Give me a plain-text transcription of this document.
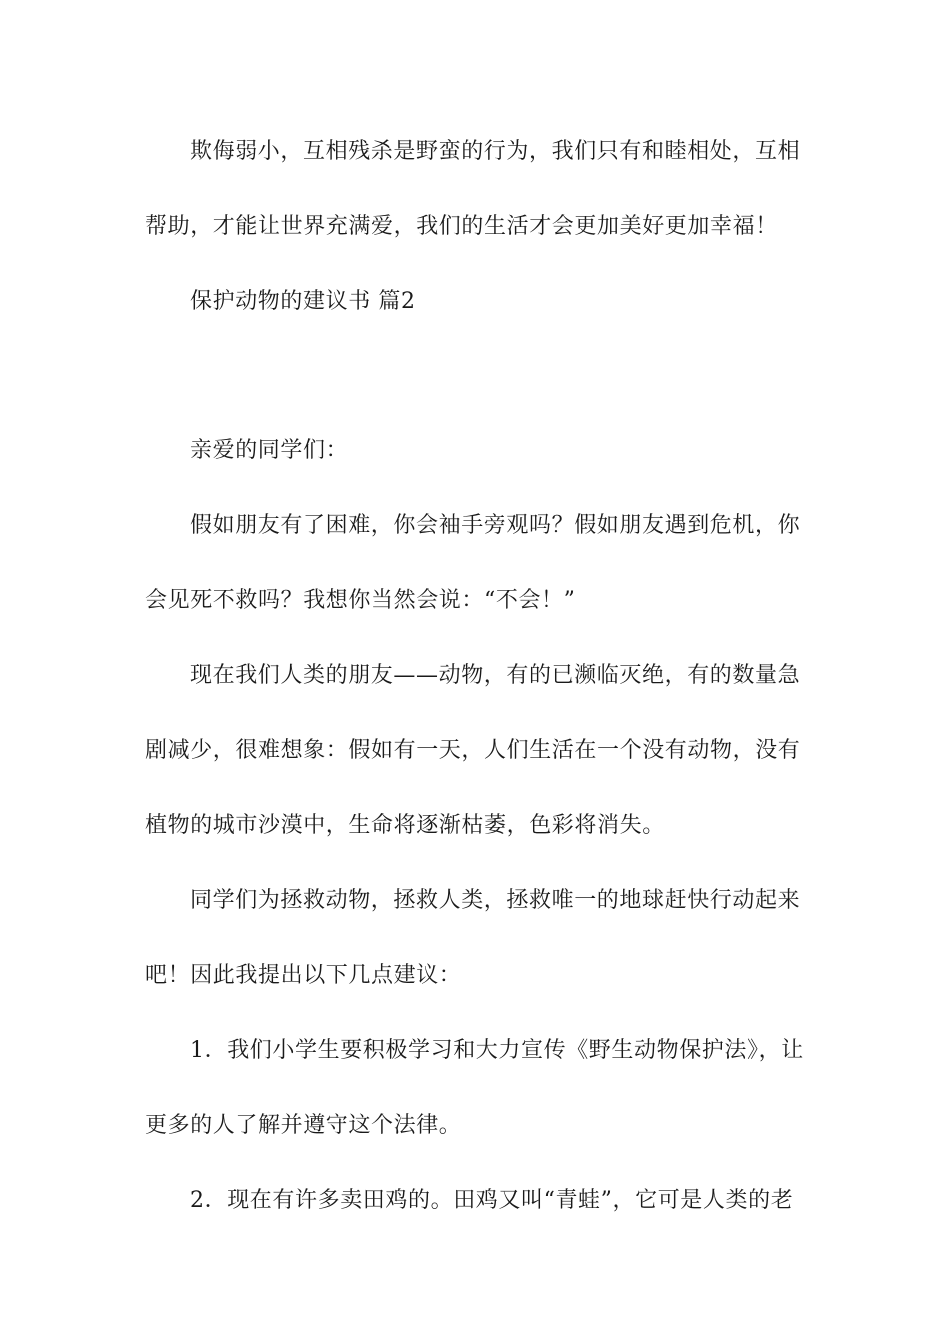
欺侮弱小，互相残杀是野蛮的行为，我们只有和睦相处，互相
帮助，才能让世界充满爱，我们的生活才会更加美好更加幸福！
保护动物的建议书 篇2
亲爱的同学们：
假如朋友有了困难，你会袖手旁观吗？假如朋友遇到危机，你
会见死不救吗？我想你当然会说：“不会！”
现在我们人类的朋友——动物，有的已濒临灭绝，有的数量急
剧减少，很难想象：假如有一天，人们生活在一个没有动物，没有
植物的城市沙漠中，生命将逐渐枯萎，色彩将消失。
同学们为拯救动物，拯救人类，拯救唯一的地球赶快行动起来
吧！因此我提出以下几点建议：
1．我们小学生要积极学习和大力宣传《野生动物保护法》，让
更多的人了解并遵守这个法律。
2．现在有许多卖田鸡的。田鸡又叫“青蛙”，它可是人类的老
